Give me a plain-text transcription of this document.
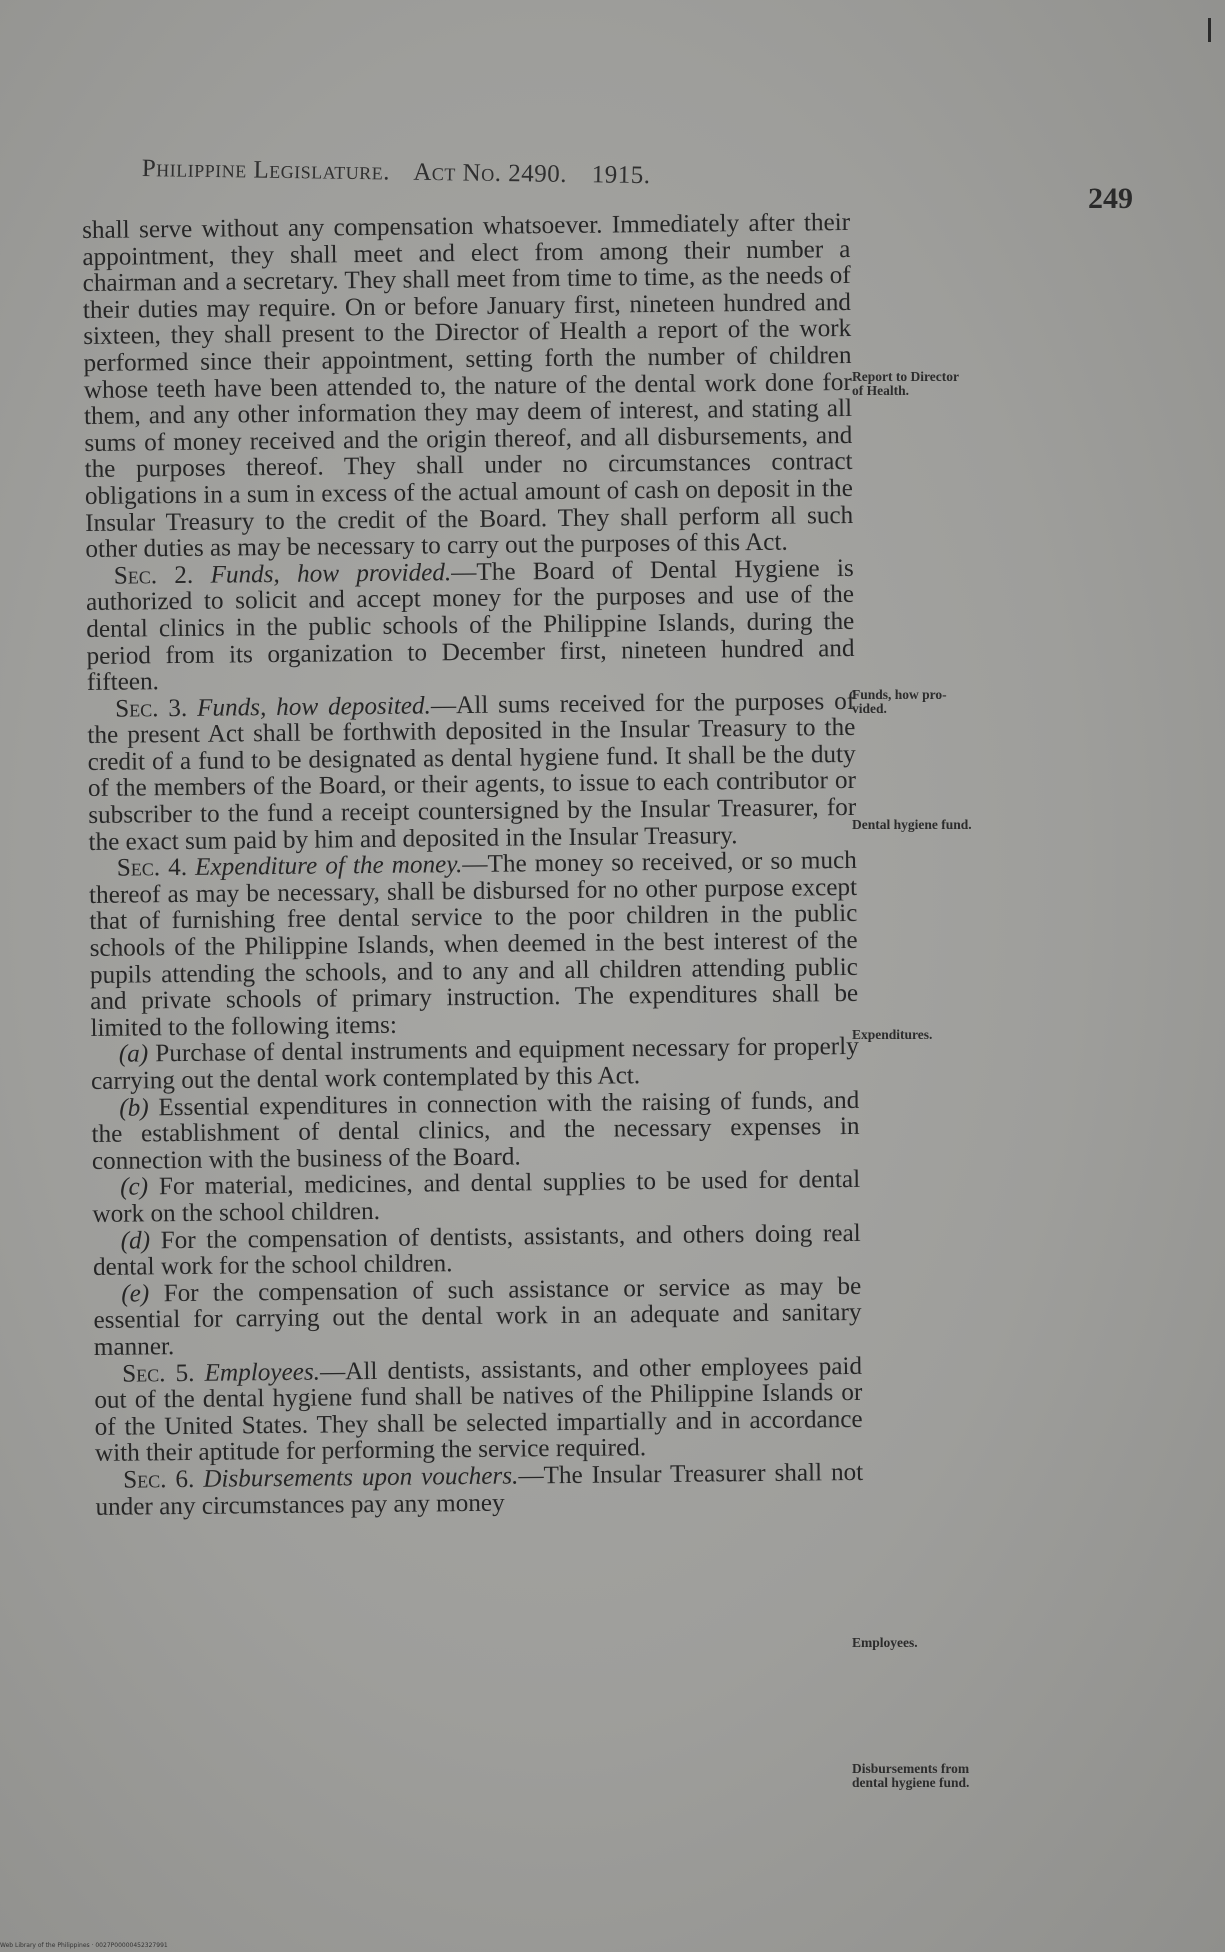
Philippine Legislature. Act No. 2490. 1915.
249

shall serve without any compensation whatsoever. Immediately after their appointment, they shall meet and elect from among their number a chairman and a secretary. They shall meet from time to time, as the needs of their duties may require. On or before January first, nineteen hundred and sixteen, they shall present to the Director of Health a report of the work performed since their appointment, setting forth the number of children whose teeth have been attended to, the nature of the dental work done for them, and any other information they may deem of interest, and stating all sums of money received and the origin thereof, and all disbursements, and the purposes thereof. They shall under no circumstances contract obligations in a sum in excess of the actual amount of cash on deposit in the Insular Treasury to the credit of the Board. They shall perform all such other duties as may be necessary to carry out the purposes of this Act.

Sec. 2. Funds, how provided.—The Board of Dental Hygiene is authorized to solicit and accept money for the purposes and use of the dental clinics in the public schools of the Philippine Islands, during the period from its organization to December first, nineteen hundred and fifteen.

Sec. 3. Funds, how deposited.—All sums received for the purposes of the present Act shall be forthwith deposited in the Insular Treasury to the credit of a fund to be designated as dental hygiene fund. It shall be the duty of the members of the Board, or their agents, to issue to each contributor or subscriber to the fund a receipt countersigned by the Insular Treasurer, for the exact sum paid by him and deposited in the Insular Treasury.

Sec. 4. Expenditure of the money.—The money so received, or so much thereof as may be necessary, shall be disbursed for no other purpose except that of furnishing free dental service to the poor children in the public schools of the Philippine Islands, when deemed in the best interest of the pupils attending the schools, and to any and all children attending public and private schools of primary instruction. The expenditures shall be limited to the following items:

(a) Purchase of dental instruments and equipment necessary for properly carrying out the dental work contemplated by this Act.

(b) Essential expenditures in connection with the raising of funds, and the establishment of dental clinics, and the necessary expenses in connection with the business of the Board.

(c) For material, medicines, and dental supplies to be used for dental work on the school children.

(d) For the compensation of dentists, assistants, and others doing real dental work for the school children.

(e) For the compensation of such assistance or service as may be essential for carrying out the dental work in an adequate and sanitary manner.

Sec. 5. Employees.—All dentists, assistants, and other employees paid out of the dental hygiene fund shall be natives of the Philippine Islands or of the United States. They shall be selected impartially and in accordance with their aptitude for performing the service required.

Sec. 6. Disbursements upon vouchers.—The Insular Treasurer shall not under any circumstances pay any money

Report to Director
of Health.
Funds, how pro-
vided.
Dental hygiene fund.
Expenditures.
Employees.
Disbursements from
dental hygiene fund.
Web Library of the Philippines · 0027P00000452327991
